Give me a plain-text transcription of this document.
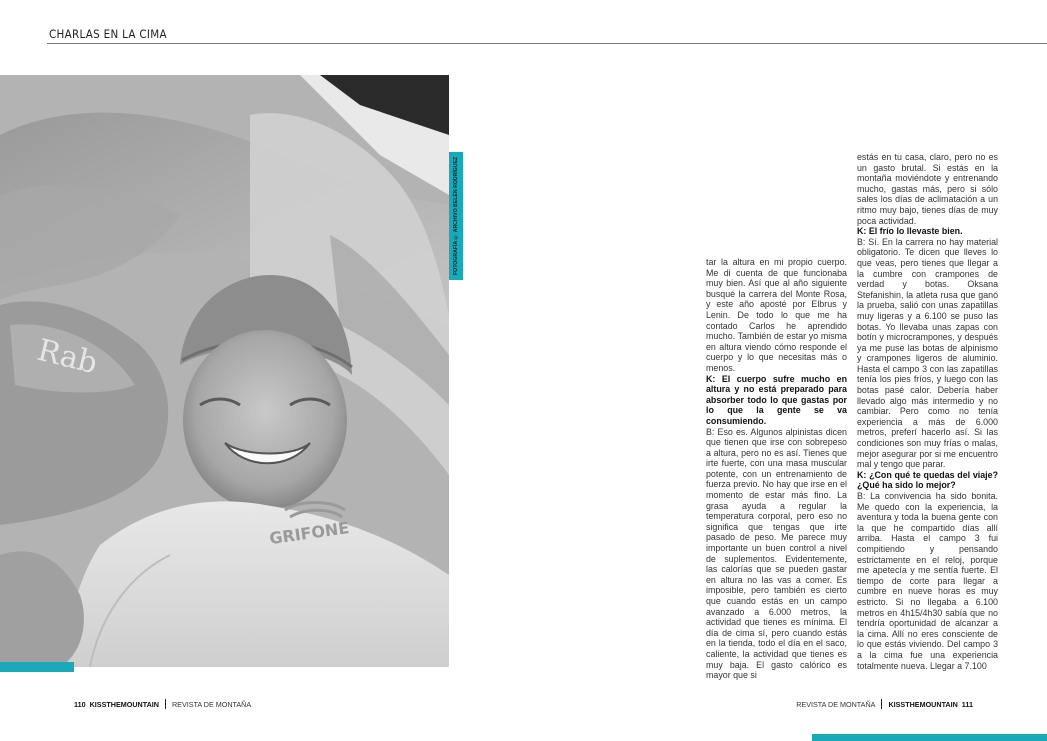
CHARLAS EN LA CIMA
Rab
GRIFONE
FOTOGRAFÍA © ARCHIVO BELÉN RODRÍGUEZ	tar la altura en mi propio cuerpo. Me di cuenta de que funcionaba muy bien. Así que al año siguiente busqué la carrera del Monte Rosa, y este año aposté por Elbrus y Lenin. De todo lo que me ha contado Carlos he aprendido mucho. También de estar yo misma en altura viendo cómo responde el cuerpo y lo que necesitas más o menos.

K: El cuerpo sufre mucho en altura y no está preparado para absorber todo lo que gastas por lo que la gente se va consumiendo.

B: Eso es. Algunos alpinistas dicen que tienen que irse con sobrepeso a altura, pero no es así. Tienes que irte fuerte, con una masa muscular potente, con un entrenamiento de fuerza previo. No hay que irse en el momento de estar más fino. La grasa ayuda a regular la temperatura corporal, pero eso no significa que tengas que irte pasado de peso. Me parece muy importante un buen control a nivel de suplementos. Evidentemente, las calorías que se pueden gastar en altura no las vas a comer. Es imposible, pero también es cierto que cuando estás en un campo avanzado a 6.000 metros, la actividad que tienes es mínima. El día de cima sí, pero cuando estás en la tienda, todo el día en el saco, caliente, la actividad que tienes es muy baja. El gasto calórico es mayor que si

estás en tu casa, claro, pero no es un gasto brutal. Si estás en la montaña moviéndote y entrenando mucho, gastas más, pero si sólo sales los días de aclimatación a un ritmo muy bajo, tienes días de muy poca actividad.

K: El frío lo llevaste bien.

B: Sí. En la carrera no hay material obligatorio. Te dicen que lleves lo que veas, pero tienes que llegar a la cumbre con crampones de verdad y botas. Oksana Stefanishin, la atleta rusa que ganó la prueba, salió con unas zapatillas muy ligeras y a 6.100 se puso las botas. Yo llevaba unas zapas con botín y microcrampones, y después ya me puse las botas de alpinismo y crampones ligeros de aluminio. Hasta el campo 3 con las zapatillas tenía los pies fríos, y luego con las botas pasé calor. Debería haber llevado algo más intermedio y no cambiar. Pero como no tenía experiencia a más de 6.000 metros, preferí hacerlo así. Si las condiciones son muy frías o malas, mejor asegurar por si me encuentro mal y tengo que parar.

K: ¿Con qué te quedas del viaje? ¿Qué ha sido lo mejor?

B: La convivencia ha sido bonita. Me quedo con la experiencia, la aventura y toda la buena gente con la que he compartido días allí arriba. Hasta el campo 3 fui compitiendo y pensando estrictamente en el reloj, porque me apetecía y me sentía fuerte. El tiempo de corte para llegar a cumbre en nueve horas es muy estricto. Si no llegaba a 6.100 metros en 4h15/4h30 sabía que no tendría oportunidad de alcanzar a la cima. Allí no eres consciente de lo que estás viviendo. Del campo 3 a la cima fue una experiencia totalmente nueva. Llegar a 7.100

110 KISSTHEMOUNTAIN REVISTA DE MONTAÑA	REVISTA DE MONTAÑA KISSTHEMOUNTAIN 111
